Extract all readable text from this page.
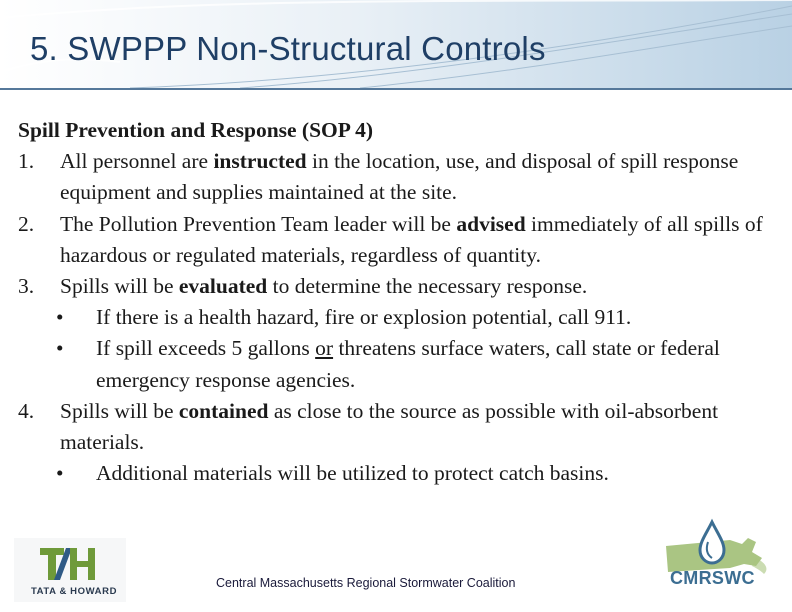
5. SWPPP Non-Structural Controls
Spill Prevention and Response (SOP 4)
1. All personnel are instructed in the location, use, and disposal of spill response equipment and supplies maintained at the site.
2. The Pollution Prevention Team leader will be advised immediately of all spills of hazardous or regulated materials, regardless of quantity.
3. Spills will be evaluated to determine the necessary response.
• If there is a health hazard, fire or explosion potential, call 911.
• If spill exceeds 5 gallons or threatens surface waters, call state or federal emergency response agencies.
4. Spills will be contained as close to the source as possible with oil-absorbent materials.
• Additional materials will be utilized to protect catch basins.
TATA & HOWARD
Central Massachusetts Regional Stormwater Coalition	CMRSWC
